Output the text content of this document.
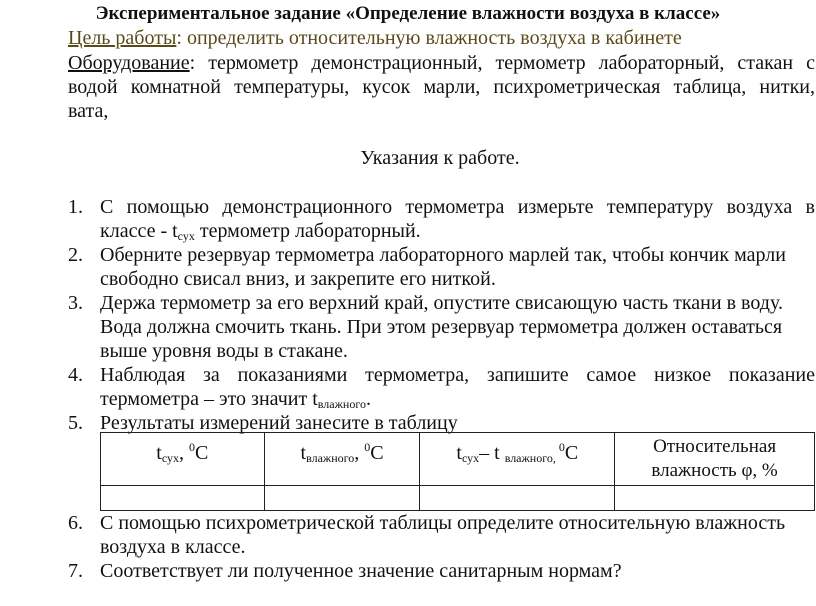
Экспериментальное задание «Определение влажности воздуха в классе»
Цель работы: определить относительную влажность воздуха в кабинете
Оборудование: термометр демонстрационный, термометр лабораторный, стакан с
водой комнатной температуры, кусок марли, психрометрическая таблица, нитки,
вата,
Указания к работе.
1. С помощью демонстрационного термометра измерьте температуру воздуха в
классе - $t_{сух}$ термометр лабораторный.
2. Оберните резервуар термометра лабораторного марлей так, чтобы кончик марли
свободно свисал вниз, и закрепите его ниткой.
3. Держа термометр за его верхний край, опустите свисающую часть ткани в воду.
Вода должна смочить ткань. При этом резервуар термометра должен оставаться
выше уровня воды в стакане.
4. Наблюдая за показаниями термометра, запишите самое низкое показание
термометра – это значит $t_{влажного}$.
5. Результаты измерений занесите в таблицу
$t_{сух}$, $^0$С	$t_{влажного}$, $^0$С	$t_{сух}-$ t $_{влажного,}$ $^0$С	Относительная
влажность φ, %

6. С помощью психрометрической таблицы определите относительную влажность
воздуха в классе.
7. Соответствует ли полученное значение санитарным нормам?
